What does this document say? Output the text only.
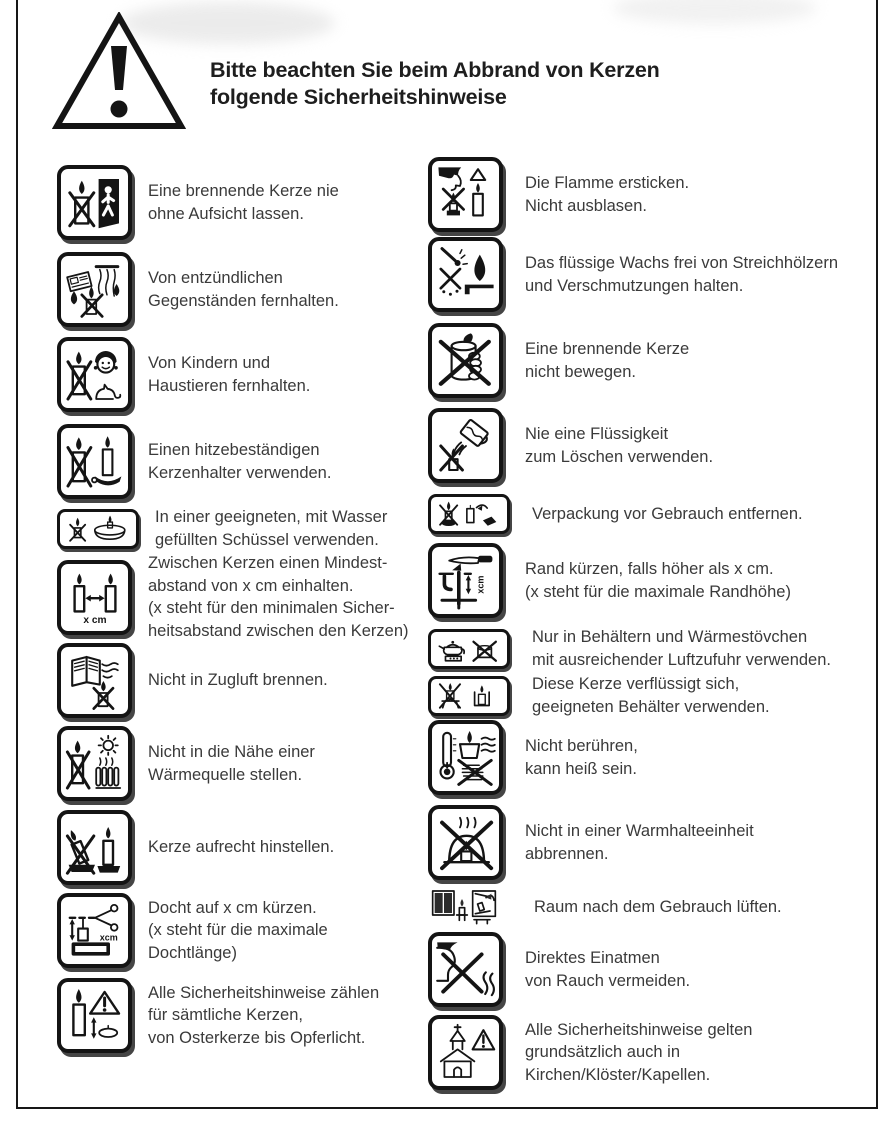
Bitte beachten Sie beim Abbrand von Kerzen
folgende Sicherheitshinweise
Eine brennende Kerze nie
ohne Aufsicht lassen.
Von entzündlichen
Gegenständen fernhalten.
Von Kindern und
Haustieren fernhalten.
Einen hitzebeständigen
Kerzenhalter verwenden.
In einer geeigneten, mit Wasser
gefüllten Schüssel verwenden.
x cm
Zwischen Kerzen einen Mindest-
abstand von x cm einhalten.
(x steht für den minimalen Sicher-
heitsabstand zwischen den Kerzen)
Nicht in Zugluft brennen.
Nicht in die Nähe einer
Wärmequelle stellen.
Kerze aufrecht hinstellen.
xcm
Docht auf x cm kürzen.
(x steht für die maximale
Dochtlänge)
Alle Sicherheitshinweise zählen
für sämtliche Kerzen,
von Osterkerze bis Opferlicht.
Die Flamme ersticken.
Nicht ausblasen.
Das flüssige Wachs frei von Streichhölzern
und Verschmutzungen halten.
Eine brennende Kerze
nicht bewegen.
Nie eine Flüssigkeit
zum Löschen verwenden.
Verpackung vor Gebrauch entfernen.
xcm
Rand kürzen, falls höher als x cm.
(x steht für die maximale Randhöhe)
Nur in Behältern und Wärmestövchen
mit ausreichender Luftzufuhr verwenden.
Diese Kerze verflüssigt sich,
geeigneten Behälter verwenden.
Nicht berühren,
kann heiß sein.
Nicht in einer Warmhalteeinheit
abbrennen.
Raum nach dem Gebrauch lüften.
Direktes Einatmen
von Rauch vermeiden.
Alle Sicherheitshinweise gelten
grundsätzlich auch in
Kirchen/Klöster/Kapellen.
